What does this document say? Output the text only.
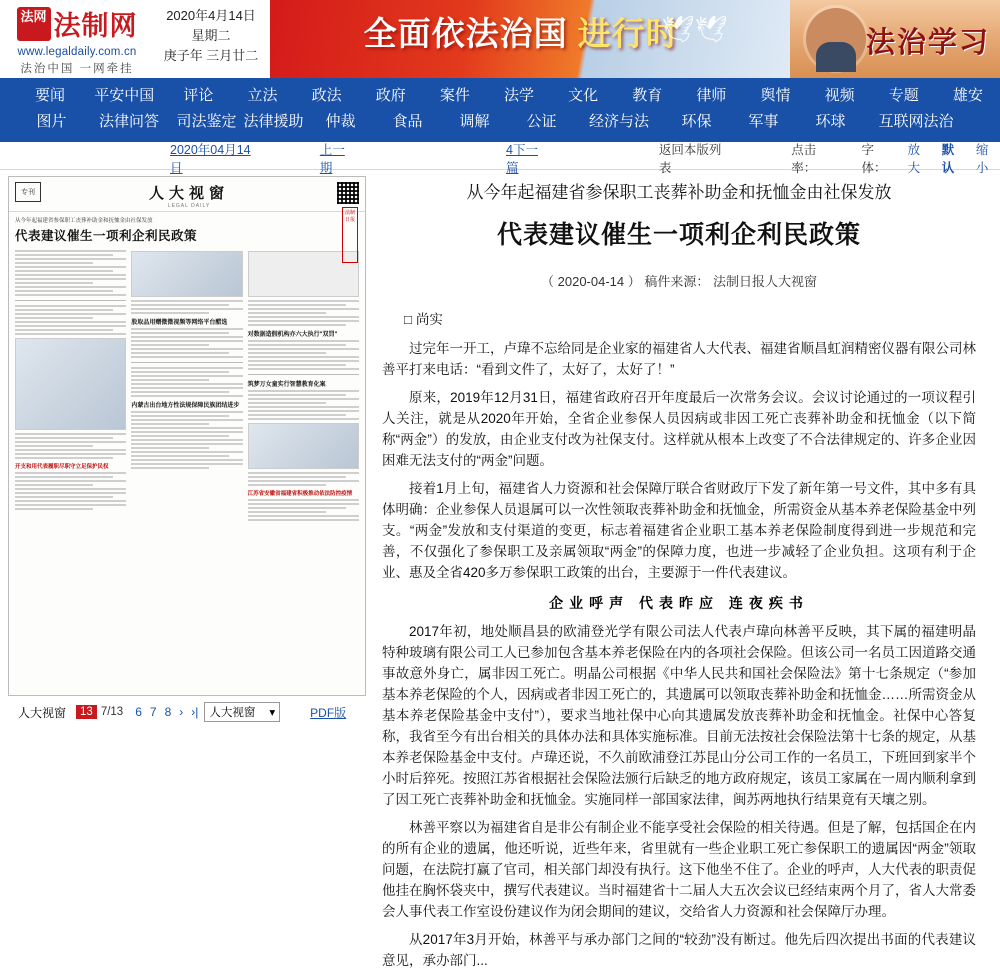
法网 法制网
www.legaldaily.com.cn
法治中国 一网牵挂
2020年4月14日
星期二
庚子年 三月廿二
全面依法治国 进行时
🕊🕊	法治学习
要闻	平安中国	评论	立法	政法	政府	案件	法学	文化	教育	律师	舆情	视频	专题	雄安
图片	法律问答	司法鉴定 法律援助	仲裁	食品	调解	公证	经济与法	环保	军事	环球	互联网法治
2020年04月14日
上一期
4下一篇
返回本版列表
点击率：
字体：
放大
默认
缩小
专刊	人大视窗
LEGAL DAILY
法制日报
从今年起福建省参保职工丧葬补助金和抚恤金由社保发放
代表建议催生一项利企利民政策
开支和用代表履职尽职守立足保护民权
股取品用赠微微视频等网络平台醋选
内蒙古出台地方性法规保障民族团结进步
对数据造假机构亦六大执行"双罚"
筑梦万女童实行智慧教育化案
江苏省安徽省福建省积极推动依法防控疫情
人大视窗	13 7/13 6 7 8 › ›| 人大视窗 ▾	PDF版
从今年起福建省参保职工丧葬补助金和抚恤金由社保发放
代表建议催生一项利企利民政策
（ 2020-04-14 ） 稿件来源： 法制日报人大视窗
□ 尚实

过完年一开工，卢瑋不忘给同是企业家的福建省人大代表、福建省顺昌虹润精密仪器有限公司林善平打来电话：“看到文件了，太好了，太好了！”

原来，2019年12月31日，福建省政府召开年度最后一次常务会议。会议讨论通过的一项议程引人关注，就是从2020年开始，全省企业参保人员因病或非因工死亡丧葬补助金和抚恤金（以下简称“两金”）的发放，由企业支付改为社保支付。这样就从根本上改变了不合法律规定的、许多企业因困难无法支付的“两金”问题。

接着1月上旬，福建省人力资源和社会保障厅联合省财政厅下发了新年第一号文件，其中多有具体明确：企业参保人员退属可以一次性领取丧葬补助金和抚恤金，所需资金从基本养老保险基金中列支。“两金”发放和支付渠道的变更，标志着福建省企业职工基本养老保险制度得到进一步规范和完善，不仅强化了参保职工及亲属领取“两金”的保障力度，也进一步减轻了企业负担。这项有利于企业、惠及全省420多万参保职工政策的出台，主要源于一件代表建议。

企业呼声 代表昨应 连夜疾书

2017年初，地处顺昌县的欧浦登光学有限公司法人代表卢瑋向林善平反映，其下属的福建明晶特种玻璃有限公司工人已参加包含基本养老保险在内的各项社会保险。但该公司一名员工因道路交通事故意外身亡，属非因工死亡。明晶公司根据《中华人民共和国社会保险法》第十七条规定（“参加基本养老保险的个人，因病或者非因工死亡的，其遗属可以领取丧葬补助金和抚恤金……所需资金从基本养老保险基金中支付”），要求当地社保中心向其遗属发放丧葬补助金和抚恤金。社保中心答复称，我省至今有出台相关的具体办法和具体实施标准。目前无法按社会保险法第十七条的规定，从基本养老保险基金中支付。卢瑋还说，不久前欧浦登江苏昆山分公司工作的一名员工，下班回到家半个小时后猝死。按照江苏省根据社会保险法颁行后缺乏的地方政府规定，该员工家属在一周内顺利拿到了因工死亡丧葬补助金和抚恤金。实施同样一部国家法律，闽苏两地执行结果竟有天壤之别。

林善平察以为福建省自是非公有制企业不能享受社会保险的相关待遇。但是了解，包括国企在内的所有企业的遗属，他还听说，近些年来，省里就有一些企业职工死亡参保职工的遗属因“两金”领取问题，在法院打赢了官司，相关部门却没有执行。这下他坐不住了。企业的呼声，人大代表的职责促他挂在胸怀袋夹中，撰写代表建议。当时福建省十二届人大五次会议已经结束两个月了，省人大常委会人事代表工作室设份建议作为闭会期间的建议，交给省人力资源和社会保障厅办理。

从2017年3月开始，林善平与承办部门之间的“较劲”没有断过。他先后四次提出书面的代表建议意见，承办部门...
